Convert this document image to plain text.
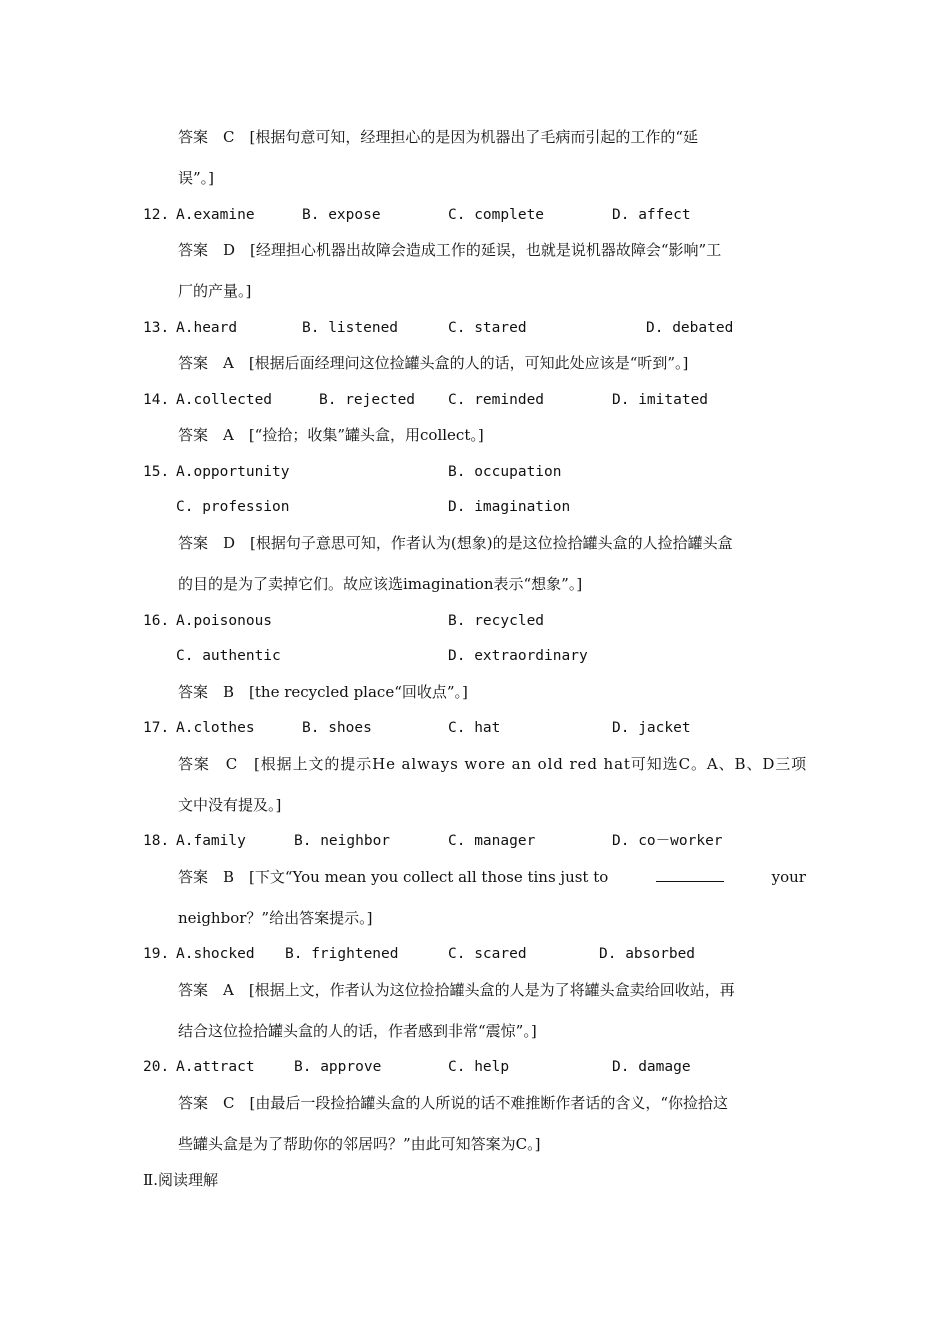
答案　C　[根据句意可知，经理担心的是因为机器出了毛病而引起的工作的“延
误”。]
12. A.examine	B. expose	C. complete	D. affect
答案　D　[经理担心机器出故障会造成工作的延误，也就是说机器故障会“影响”工
厂的产量。]
13. A.heard	B. listened	C. stared	D. debated
答案　A　[根据后面经理问这位捡罐头盒的人的话，可知此处应该是“听到”。]
14. A.collected	B. rejected C. reminded	D. imitated
答案　A　[“捡拾；收集”罐头盒，用collect。]
15. A.opportunity	B. occupation
C. profession	D. imagination
答案　D　[根据句子意思可知，作者认为(想象)的是这位捡拾罐头盒的人捡拾罐头盒
的目的是为了卖掉它们。故应该选imagination表示“想象”。]
16. A.poisonous	B. recycled
C. authentic	D. extraordinary
答案　B　[the recycled place“回收点”。]
17. A.clothes	B. shoes	C. hat	D. jacket
答案　C　[根据上文的提示He always wore an old red hat可知选C。A、B、D三项
文中没有提及。]
18. A.family	B. neighbor	C. manager	D. co－worker
答案　B　[下文“You mean you collect all those tins just to	your
neighbor？”给出答案提示。]
19. A.shocked B. frightened	C. scared	D. absorbed
答案　A　[根据上文，作者认为这位捡拾罐头盒的人是为了将罐头盒卖给回收站，再
结合这位捡拾罐头盒的人的话，作者感到非常“震惊”。]
20. A.attract	B. approve	C. help	D. damage
答案　C　[由最后一段捡拾罐头盒的人所说的话不难推断作者话的含义，“你捡拾这
些罐头盒是为了帮助你的邻居吗？”由此可知答案为C。]
Ⅱ.阅读理解
